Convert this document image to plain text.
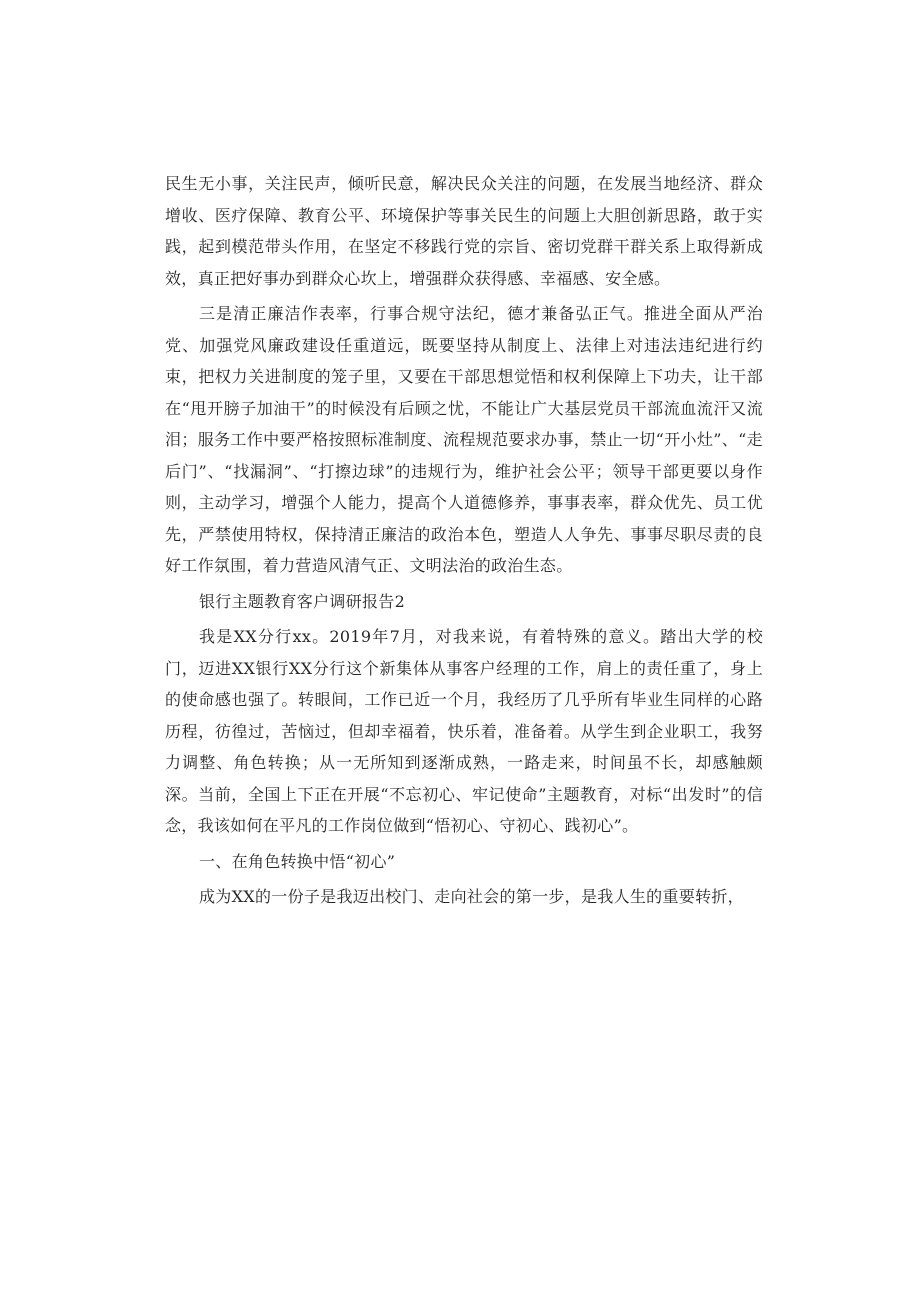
民生无小事，关注民声，倾听民意，解决民众关注的问题，在发展当地经济、群众增收、医疗保障、教育公平、环境保护等事关民生的问题上大胆创新思路，敢于实践，起到模范带头作用，在坚定不移践行党的宗旨、密切党群干群关系上取得新成效，真正把好事办到群众心坎上，增强群众获得感、幸福感、安全感。

三是清正廉洁作表率，行事合规守法纪，德才兼备弘正气。推进全面从严治党、加强党风廉政建设任重道远，既要坚持从制度上、法律上对违法违纪进行约束，把权力关进制度的笼子里，又要在干部思想觉悟和权利保障上下功夫，让干部在“甩开膀子加油干”的时候没有后顾之忧，不能让广大基层党员干部流血流汗又流泪；服务工作中要严格按照标准制度、流程规范要求办事，禁止一切“开小灶”、“走后门”、“找漏洞”、“打擦边球”的违规行为，维护社会公平；领导干部更要以身作则，主动学习，增强个人能力，提高个人道德修养，事事表率，群众优先、员工优先，严禁使用特权，保持清正廉洁的政治本色，塑造人人争先、事事尽职尽责的良好工作氛围，着力营造风清气正、文明法治的政治生态。

银行主题教育客户调研报告2

我是XX分行xx。2019年7月，对我来说，有着特殊的意义。踏出大学的校门，迈进XX银行XX分行这个新集体从事客户经理的工作，肩上的责任重了，身上的使命感也强了。转眼间，工作已近一个月，我经历了几乎所有毕业生同样的心路历程，彷徨过，苦恼过，但却幸福着，快乐着，准备着。从学生到企业职工，我努力调整、角色转换；从一无所知到逐渐成熟，一路走来，时间虽不长，却感触颇深。当前，全国上下正在开展“不忘初心、牢记使命”主题教育，对标“出发时”的信念，我该如何在平凡的工作岗位做到“悟初心、守初心、践初心”。

一、在角色转换中悟“初心”

成为XX的一份子是我迈出校门、走向社会的第一步，是我人生的重要转折，
